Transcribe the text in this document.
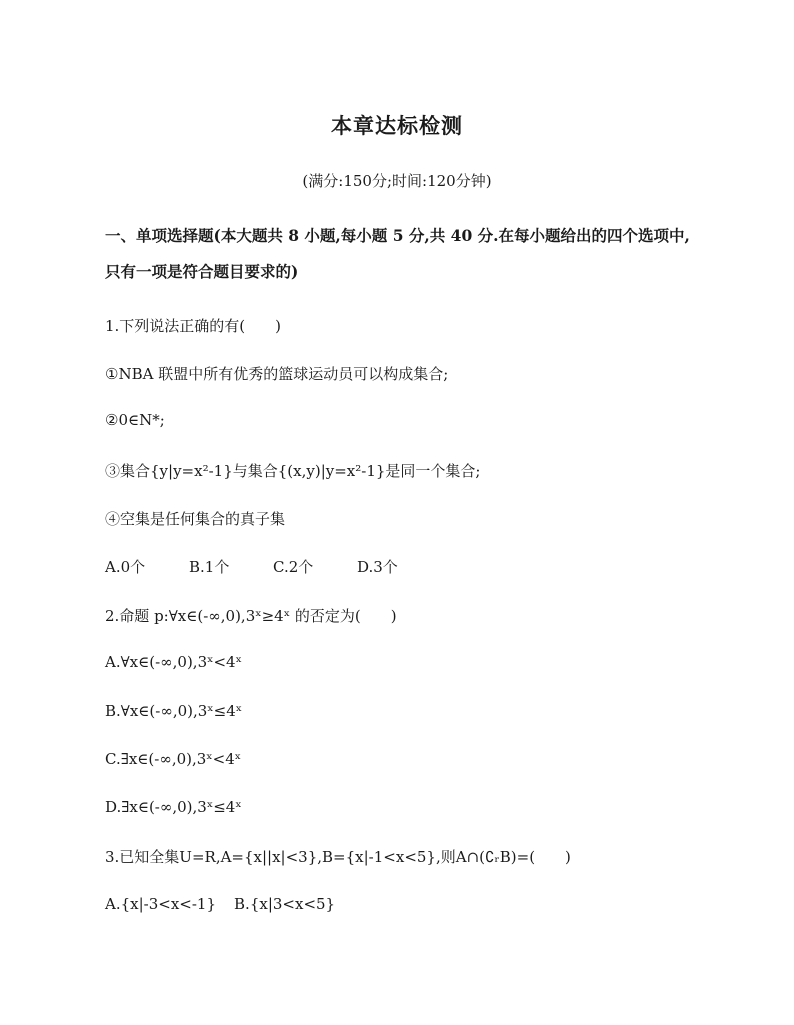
本章达标检测
(满分:150分;时间:120分钟)
一、单项选择题(本大题共 8 小题,每小题 5 分,共 40 分.在每小题给出的四个选项中,只有一项是符合题目要求的)
1.下列说法正确的有(　　)
①NBA 联盟中所有优秀的篮球运动员可以构成集合;
②0∈N*;
③集合{y|y=x²-1}与集合{(x,y)|y=x²-1}是同一个集合;
④空集是任何集合的真子集
A.0个	B.1个	C.2个	D.3个
2.命题 p:∀x∈(-∞,0),3ˣ≥4ˣ 的否定为(　　)
A.∀x∈(-∞,0),3ˣ<4ˣ
B.∀x∈(-∞,0),3ˣ≤4ˣ
C.∃x∈(-∞,0),3ˣ<4ˣ
D.∃x∈(-∞,0),3ˣ≤4ˣ
3.已知全集U=R,A={x||x|<3},B={x|-1<x<5},则A∩(∁ᵣB)=(　　)
A.{x|-3<x<-1} B.{x|3<x<5}
